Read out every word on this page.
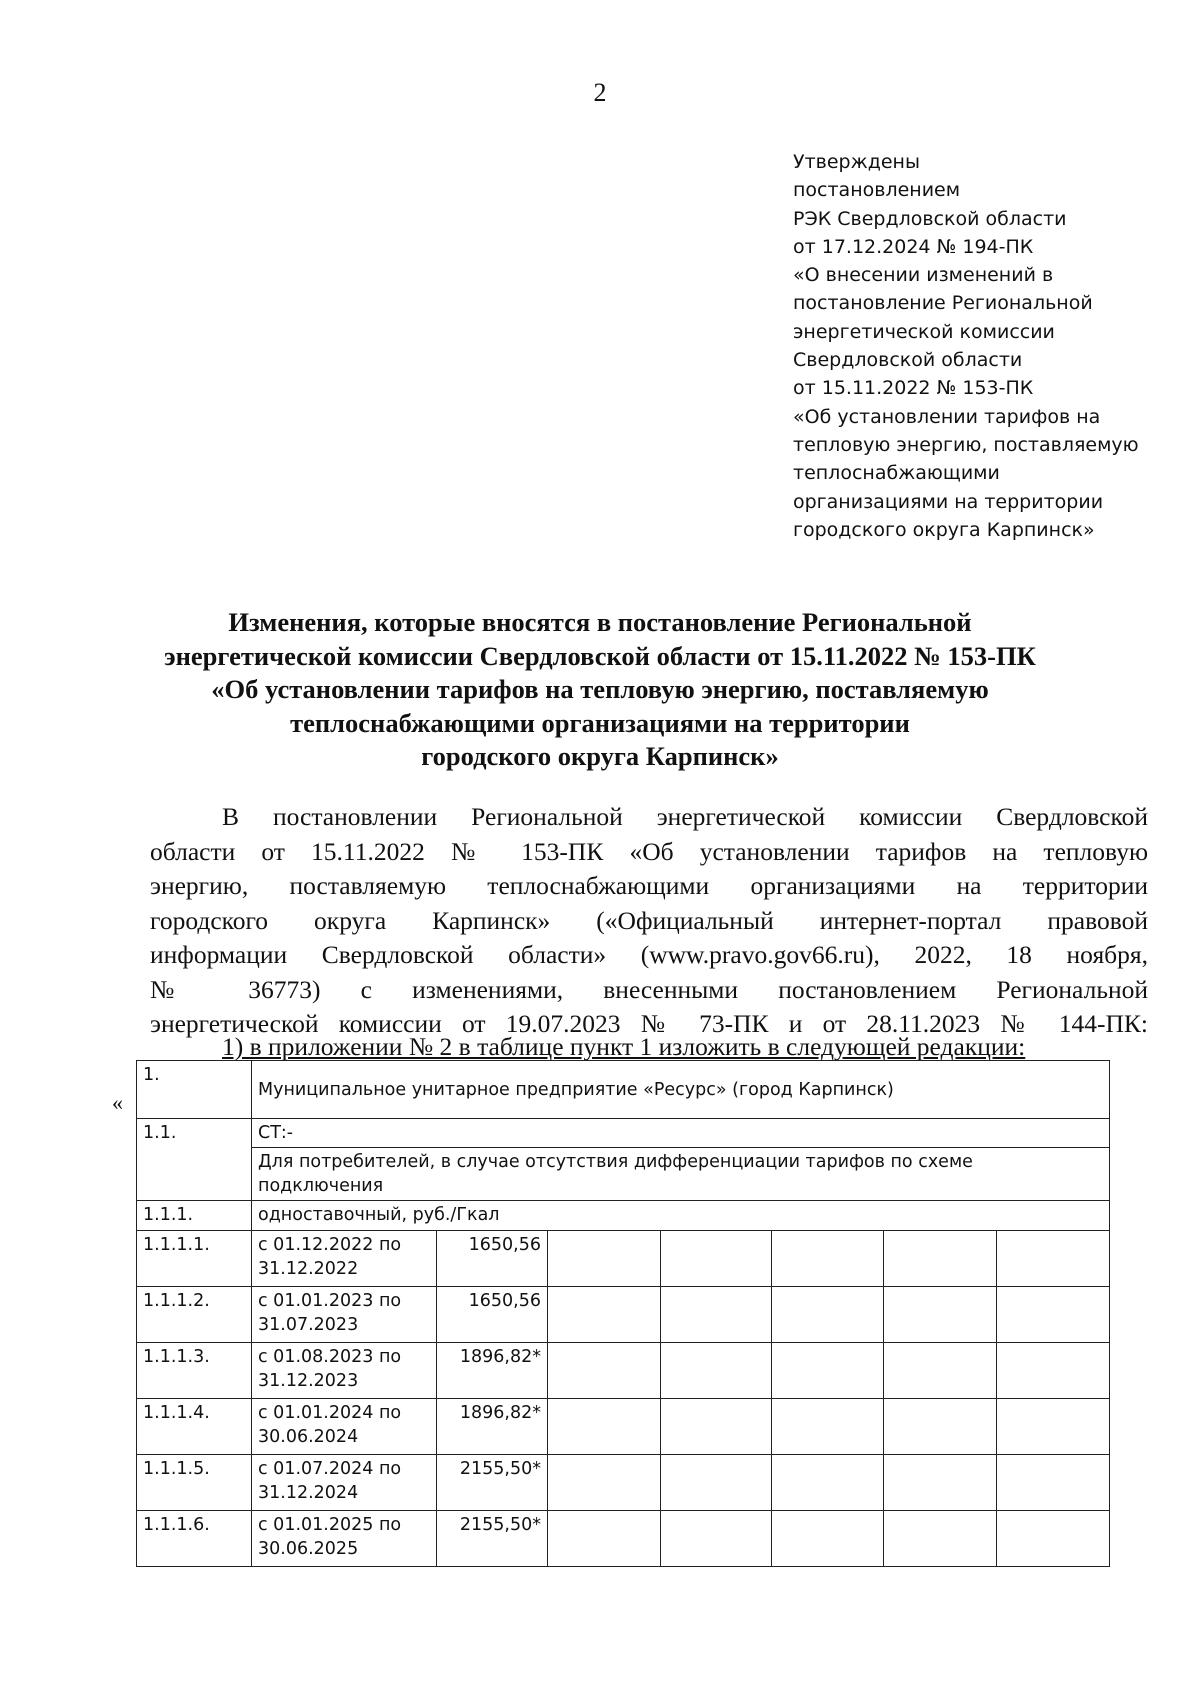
2
Утверждены
постановлением
РЭК Свердловской области
от 17.12.2024 № 194-ПК
«О внесении изменений в
постановление Региональной
энергетической комиссии
Свердловской области
от 15.11.2022 № 153-ПК
«Об установлении тарифов на
тепловую энергию, поставляемую
теплоснабжающими
организациями на территории
городского округа Карпинск»
Изменения, которые вносятся в постановление Региональной
энергетической комиссии Свердловской области от 15.11.2022 № 153-ПК
«Об установлении тарифов на тепловую энергию, поставляемую
теплоснабжающими организациями на территории
городского округа Карпинск»
В постановлении Региональной энергетической комиссии Свердловской
области от 15.11.2022 № 153-ПК «Об установлении тарифов на тепловую
энергию, поставляемую теплоснабжающими организациями на территории
городского округа Карпинск» («Официальный интернет-портал правовой
информации Свердловской области» (www.pravo.gov66.ru), 2022, 18 ноября,
№ 36773) с изменениями, внесенными постановлением Региональной
энергетической комиссии от 19.07.2023 № 73-ПК и от 28.11.2023 № 144-ПК:
1) в приложении № 2 в таблице пункт 1 изложить в следующей редакции:
«
1.	Муниципальное унитарное предприятие «Ресурс» (город Карпинск)						
1.1.	СТ:-						
	Для потребителей, в случае отсутствия дифференциации тарифов по схеме подключения						
1.1.1.	одноставочный, руб./Гкал						
1.1.1.1.	с 01.12.2022 по
31.12.2022	1650,56					
1.1.1.2.	с 01.01.2023 по
31.07.2023	1650,56					
1.1.1.3.	с 01.08.2023 по
31.12.2023	1896,82*					
1.1.1.4.	с 01.01.2024 по
30.06.2024	1896,82*					
1.1.1.5.	с 01.07.2024 по
31.12.2024	2155,50*					
1.1.1.6.	с 01.01.2025 по
30.06.2025	2155,50*					
